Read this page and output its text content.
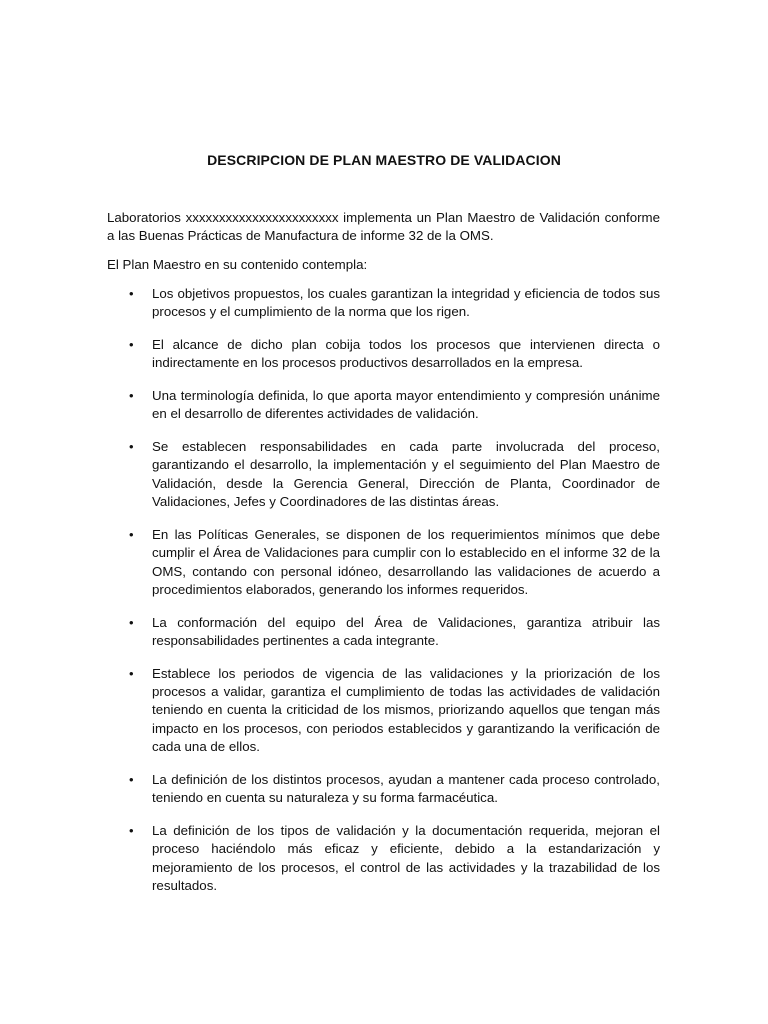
DESCRIPCION DE PLAN MAESTRO DE VALIDACION

Laboratorios xxxxxxxxxxxxxxxxxxxxxxx implementa un Plan Maestro de Validación conforme a las Buenas Prácticas de Manufactura de informe 32 de la OMS.

El Plan Maestro en su contenido contempla:

• Los objetivos propuestos, los cuales garantizan la integridad y eficiencia de todos sus procesos y el cumplimiento de la norma que los rigen.
• El alcance de dicho plan cobija todos los procesos que intervienen directa o indirectamente en los procesos productivos desarrollados en la empresa.
• Una terminología definida, lo que aporta mayor entendimiento y compresión unánime en el desarrollo de diferentes actividades de validación.
• Se establecen responsabilidades en cada parte involucrada del proceso, garantizando el desarrollo, la implementación y el seguimiento del Plan Maestro de Validación, desde la Gerencia General, Dirección de Planta, Coordinador de Validaciones, Jefes y Coordinadores de las distintas áreas.
• En las Políticas Generales, se disponen de los requerimientos mínimos que debe cumplir el Área de Validaciones para cumplir con lo establecido en el informe 32 de la OMS, contando con personal idóneo, desarrollando las validaciones de acuerdo a procedimientos elaborados, generando los informes requeridos.
• La conformación del equipo del Área de Validaciones, garantiza atribuir las responsabilidades pertinentes a cada integrante.
• Establece los periodos de vigencia de las validaciones y la priorización de los procesos a validar, garantiza el cumplimiento de todas las actividades de validación teniendo en cuenta la criticidad de los mismos, priorizando aquellos que tengan más impacto en los procesos, con periodos establecidos y garantizando la verificación de cada una de ellos.
• La definición de los distintos procesos, ayudan a mantener cada proceso controlado, teniendo en cuenta su naturaleza y su forma farmacéutica.
• La definición de los tipos de validación y la documentación requerida, mejoran el proceso haciéndolo más eficaz y eficiente, debido a la estandarización y mejoramiento de los procesos, el control de las actividades y la trazabilidad de los resultados.
